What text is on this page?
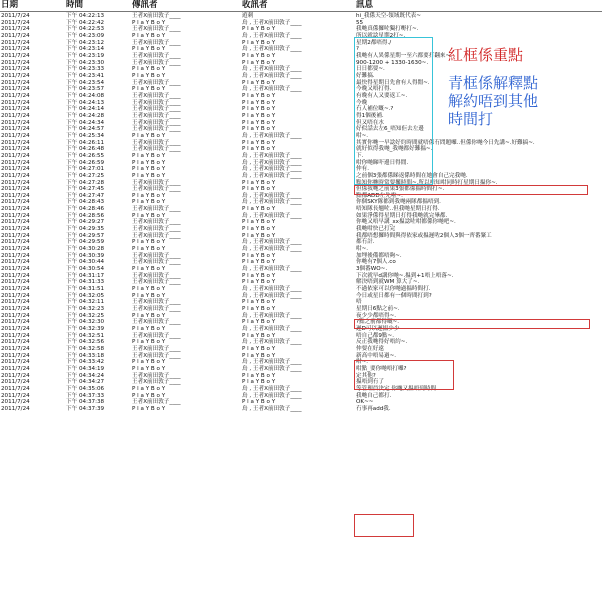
日期	時間	傳訊者	收訊者	訊息
2011/7/24	下午 04:22:13	王者X前田敦子____	遊刺	hi_我係天空-領域既代表~
2011/7/24	下午 04:22:42	P l a Y B o Y	鳥 , 王者X前田敦子____	55
2011/7/24	下午 04:22:53	王者X前田敦子____	P l a Y B o Y	我哋真係攞咗獨打嘢打~.
2011/7/24	下午 04:23:09	P l a Y B o Y	鳥 , 王者X前田敦子____	所以就諗星期2打~.
2011/7/24	下午 04:23:12	王者X前田敦子____	P l a Y B o Y	星期2都唔得./
2011/7/24	下午 04:23:14	P l a Y B o Y	鳥 , 王者X前田敦子____	?
2011/7/24	下午 04:23:19	王者X前田敦子____	P l a Y B o Y	我哋有人異係星期一至六都要打翻來~.
2011/7/24	下午 04:23:30	王者X前田敦子____	P l a Y B o Y	900-1200 + 1330-1630~.
2011/7/24	下午 04:23:33	P l a Y B o Y	鳥 , 王者X前田敦子____	日日都要~.
2011/7/24	下午 04:23:41	P l a Y B o Y	鳥 , 王者X前田敦子____	好難搞.
2011/7/24	下午 04:23:54	王者X前田敦子____	P l a Y B o Y	最快得星期日先會有人得閒~.
2011/7/24	下午 04:23:57	P l a Y B o Y	鳥 , 王者X前田敦子____	今晚又唔打得.
2011/7/24	下午 04:24:08	王者X前田敦子____	P l a Y B o Y	有晚有人又要返工~.
2011/7/24	下午 04:24:13	王者X前田敦子____	P l a Y B o Y	今晚
2011/7/24	下午 04:24:14	王者X前田敦子____	P l a Y B o Y	冇人補位嘅~.?
2011/7/24	下午 04:24:28	王者X前田敦子____	P l a Y B o Y	得1個後補.
2011/7/24	下午 04:24:34	王者X前田敦子____	P l a Y B o Y	但又唔在水
2011/7/24	下午 04:24:57	王者X前田敦子____	P l a Y B o Y	好似話去左6_唔知佢去左邊
2011/7/24	下午 04:25:34	P l a Y B o Y	鳥 , 王者X前田敦子____	咁~.
2011/7/24	下午 04:26:11	王者X前田敦子____	P l a Y B o Y	其實你哋一早諗好約時間就唔係冇問題囉..但係你哋今日先講~.好難搞~.
2011/7/24	下午 04:26:48	王者X前田敦子____	P l a Y B o Y	就好似得我哋_我哋都好難揾~.
2011/7/24	下午 04:26:55	P l a Y B o Y	鳥 , 王者X前田敦子____	下.
2011/7/24	下午 04:26:59	P l a Y B o Y	鳥 , 王者X前田敦子____	咁你哋睇吓邊日得閒.
2011/7/24	下午 04:27:01	P l a Y B o Y	鳥 , 王者X前田敦子____	仲有.
2011/7/24	下午 04:27:25	P l a Y B o Y	鳥 , 王者X前田敦子____	之前個3張都係睇返係時間在她會自己完我哋.
2011/7/24	下午 04:27:28	王者X前田敦子____	P l a Y B o Y	點知你哋時常要攞時間~.所以唔知咁同時打星期日揾你~.
2011/7/24	下午 04:27:45	王者X前田敦子____	P l a Y B o Y	但係我哋之前果3張都係揾時間打~.
2011/7/24	下午 04:27:47	P l a Y B o Y	鳥 , 王者X前田敦子____	點都ADD左先啦~.
2011/7/24	下午 04:28:43	P l a Y B o Y	鳥 , 王者X前田敦子____	你個SKY隊都到我哋兩隊都揾唔到.
2011/7/24	下午 04:28:46	王者X前田敦子____	P l a Y B o Y	唔知隊長翹咗..但我哋星期日打得.
2011/7/24	下午 04:28:56	P l a Y B o Y	鳥 , 王者X前田敦子____	如果淨係得星期日打得我哋就完畢都.
2011/7/24	下午 04:29:27	王者X前田敦子____	P l a Y B o Y	你哋又唔早講_xx揾諗咗咁都係你哋吧~.
2011/7/24	下午 04:29:35	王者X前田敦子____	P l a Y B o Y	我哋咁快已打完
2011/7/24	下午 04:29:57	王者X前田敦子____	P l a Y B o Y	我都唔想攞時間與得依家或揾遲咗2個人3個一齊番緊工
2011/7/24	下午 04:29:59	P l a Y B o Y	鳥 , 王者X前田敦子____	都冇計.
2011/7/24	下午 04:30:28	P l a Y B o Y	鳥 , 王者X前田敦子____	咁~.
2011/7/24	下午 04:30:39	王者X前田敦子____	P l a Y B o Y	加埋後備都唔夠~.
2011/7/24	下午 04:30:44	王者X前田敦子____	P l a Y B o Y	你哋有7個人.co
2011/7/24	下午 04:30:54	P l a Y B o Y	鳥 , 王者X前田敦子____	3個番WO~.
2011/7/24	下午 04:31:17	王者X前田敦子____	P l a Y B o Y	下次就早d講你哋~.揾到+1唔上唔落~.
2011/7/24	下午 04:31:33	王者X前田敦子____	P l a Y B o Y	解決唔到就WM 算大了~.
2011/7/24	下午 04:31:51	P l a Y B o Y	鳥 , 王者X前田敦子____	不過依家可以你哋過揾時間打.
2011/7/24	下午 04:32:05	P l a Y B o Y	鳥 , 王者X前田敦子____	今日或星日都有一個時間打到?
2011/7/24	下午 04:32:11	王者X前田敦子____	P l a Y B o Y	唔
2011/7/24	下午 04:32:23	王者X前田敦子____	P l a Y B o Y	星期日6點之前~.
2011/7/24	下午 04:32:25	P l a Y B o Y	鳥 , 王者X前田敦子____	夜少少都唔得~.
2011/7/24	下午 04:32:30	王者X前田敦子____	P l a Y B o Y	?點之前都得嘅~.
2011/7/24	下午 04:32:39	P l a Y B o Y	鳥 , 王者X前田敦子____	遲D可以遲揾少少
2011/7/24	下午 04:32:51	王者X前田敦子____	P l a Y B o Y	唔自己都9點~.
2011/7/24	下午 04:32:56	P l a Y B o Y	鳥 , 王者X前田敦子____	反正我哋得好唔約~.
2011/7/24	下午 04:32:58	王者X前田敦子____	P l a Y B o Y	仲要在好遠
2011/7/24	下午 04:33:18	王者X前田敦子____	P l a Y B o Y	新高中唔易過~.
2011/7/24	下午 04:33:42	P l a Y B o Y	鳥 , 王者X前田敦子____	咁~.
2011/7/24	下午 04:34:19	P l a Y B o Y	鳥 , 王者X前田敦子____	咁點_要你哋唔打囉?
2011/7/24	下午 04:34:24	王者X前田敦子____	P l a Y B o Y	定其他?
2011/7/24	下午 04:34:27	王者X前田敦子____	P l a Y B o Y	揾唔到冇了
2011/7/24	下午 04:35:06	P l a Y B o Y	鳥 , 王者X前田敦子____	等管理員決定.你哋又揾唔到時間
2011/7/24	下午 04:37:33	P l a Y B o Y	鳥 , 王者X前田敦子____	我哋自己都打.
2011/7/24	下午 04:37:38	王者X前田敦子____	P l a Y B o Y	OK~~
2011/7/24	下午 04:37:39	P l a Y B o Y	鳥 , 王者X前田敦子____	冇事再add我.
紅框係重點
青框係解釋點
解約唔到其他
時間打
